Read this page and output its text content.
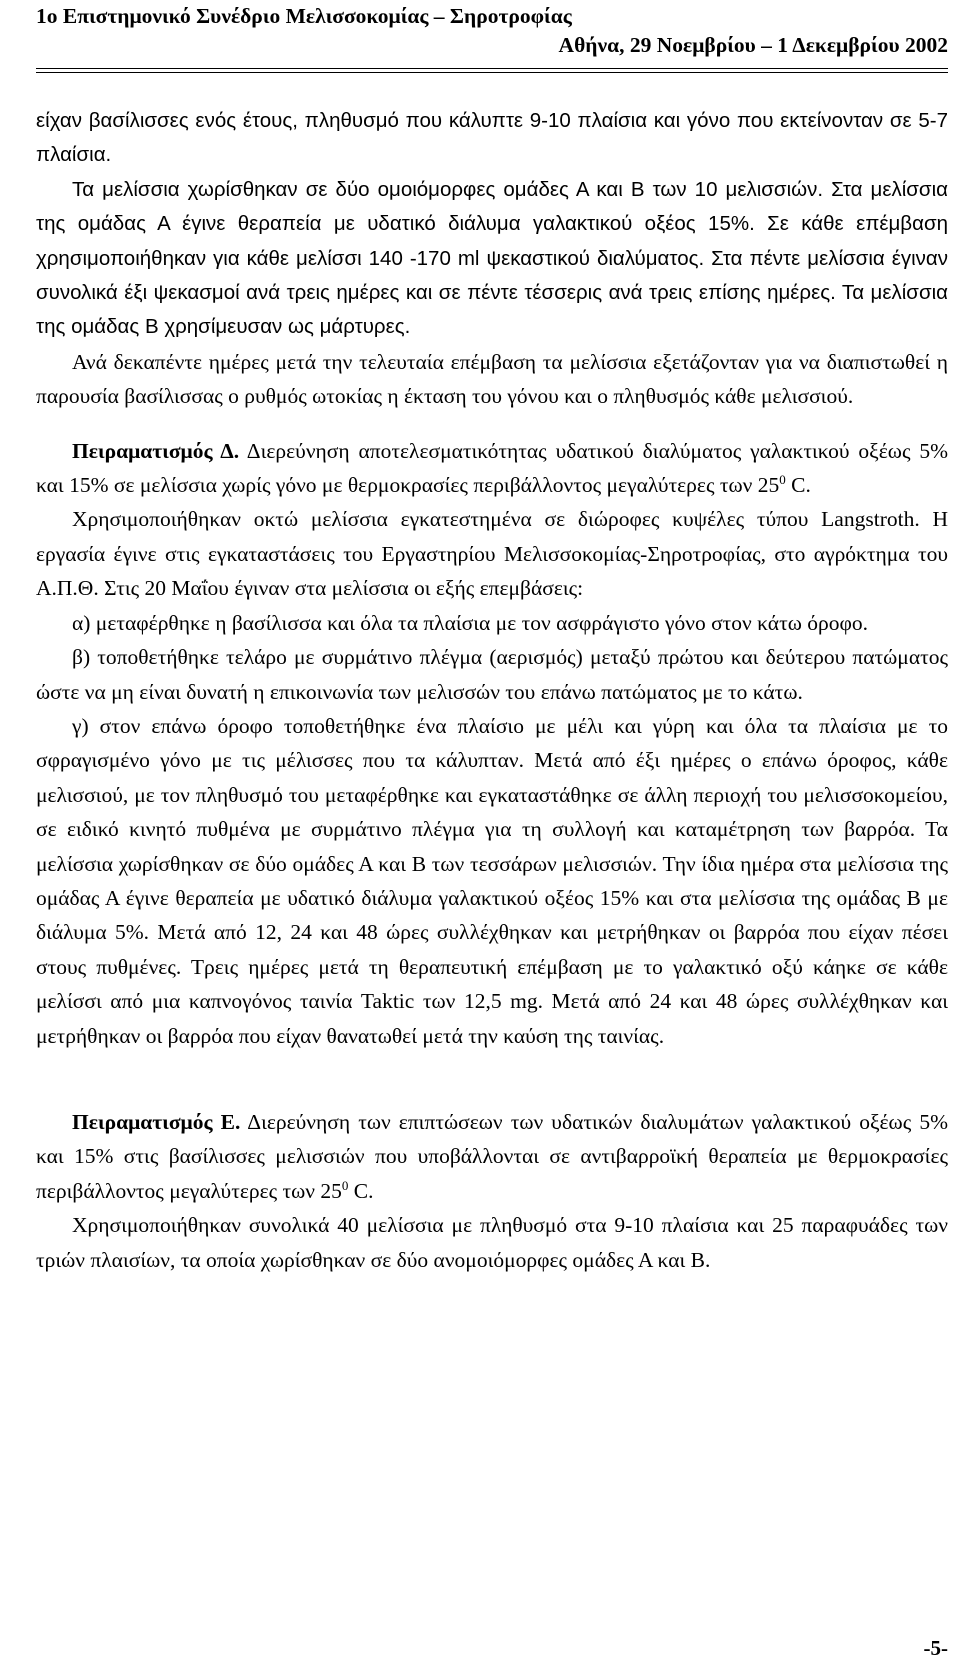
1ο Επιστημονικό Συνέδριο Μελισσοκομίας – Σηροτροφίας
Αθήνα, 29 Νοεμβρίου – 1 Δεκεμβρίου 2002

είχαν βασίλισσες ενός έτους, πληθυσμό που κάλυπτε 9-10 πλαίσια και γόνο που εκτείνονταν σε 5-7 πλαίσια.

Τα μελίσσια χωρίσθηκαν σε δύο ομοιόμορφες ομάδες Α και Β των 10 μελισσιών. Στα μελίσσια της ομάδας Α έγινε θεραπεία με υδατικό διάλυμα γαλακτικού οξέος 15%. Σε κάθε επέμβαση χρησιμοποιήθηκαν για κάθε μελίσσι 140 -170 ml ψεκαστικού διαλύματος. Στα πέντε μελίσσια έγιναν συνολικά έξι ψεκασμοί ανά τρεις ημέρες και σε πέντε τέσσερις ανά τρεις επίσης ημέρες. Τα μελίσσια της ομάδας Β χρησίμευσαν ως μάρτυρες.

Ανά δεκαπέντε ημέρες μετά την τελευταία επέμβαση τα μελίσσια εξετάζονταν για να διαπιστωθεί η παρουσία βασίλισσας ο ρυθμός ωτοκίας η έκταση του γόνου και ο πληθυσμός κάθε μελισσιού.

Πειραματισμός Δ. Διερεύνηση αποτελεσματικότητας υδατικού διαλύματος γαλακτικού οξέως 5% και 15% σε μελίσσια χωρίς γόνο με θερμοκρασίες περιβάλλοντος μεγαλύτερες των $25^0$ C.

Χρησιμοποιήθηκαν οκτώ μελίσσια εγκατεστημένα σε διώροφες κυψέλες τύπου Langstroth. Η εργασία έγινε στις εγκαταστάσεις του Εργαστηρίου Μελισσοκομίας-Σηροτροφίας, στο αγρόκτημα του Α.Π.Θ. Στις 20 Μαΐου έγιναν στα μελίσσια οι εξής επεμβάσεις:

α) μεταφέρθηκε η βασίλισσα και όλα τα πλαίσια με τον ασφράγιστο γόνο στον κάτω όροφο.

β) τοποθετήθηκε τελάρο με συρμάτινο πλέγμα (αερισμός) μεταξύ πρώτου και δεύτερου πατώματος ώστε να μη είναι δυνατή η επικοινωνία των μελισσών του επάνω πατώματος με το κάτω.

γ) στον επάνω όροφο τοποθετήθηκε ένα πλαίσιο με μέλι και γύρη και όλα τα πλαίσια με το σφραγισμένο γόνο με τις μέλισσες που τα κάλυπταν. Μετά από έξι ημέρες ο επάνω όροφος, κάθε μελισσιού, με τον πληθυσμό του μεταφέρθηκε και εγκαταστάθηκε σε άλλη περιοχή του μελισσοκομείου, σε ειδικό κινητό πυθμένα με συρμάτινο πλέγμα για τη συλλογή και καταμέτρηση των βαρρόα. Τα μελίσσια χωρίσθηκαν σε δύο ομάδες Α και Β των τεσσάρων μελισσιών. Την ίδια ημέρα στα μελίσσια της ομάδας Α έγινε θεραπεία με υδατικό διάλυμα γαλακτικού οξέος 15% και στα μελίσσια της ομάδας Β με διάλυμα 5%. Μετά από 12, 24 και 48 ώρες συλλέχθηκαν και μετρήθηκαν οι βαρρόα που είχαν πέσει στους πυθμένες. Τρεις ημέρες μετά τη θεραπευτική επέμβαση με το γαλακτικό οξύ κάηκε σε κάθε μελίσσι από μια καπνογόνος ταινία Taktic των 12,5 mg. Μετά από 24 και 48 ώρες συλλέχθηκαν και μετρήθηκαν οι βαρρόα που είχαν θανατωθεί μετά την καύση της ταινίας.

Πειραματισμός Ε. Διερεύνηση των επιπτώσεων των υδατικών διαλυμάτων γαλακτικού οξέως 5% και 15% στις βασίλισσες μελισσιών που υποβάλλονται σε αντιβαρροϊκή θεραπεία με θερμοκρασίες περιβάλλοντος μεγαλύτερες των $25^0$ C.

Χρησιμοποιήθηκαν συνολικά 40 μελίσσια με πληθυσμό στα 9-10 πλαίσια και 25 παραφυάδες των τριών πλαισίων, τα οποία χωρίσθηκαν σε δύο ανομοιόμορφες ομάδες Α και Β.

-5-
